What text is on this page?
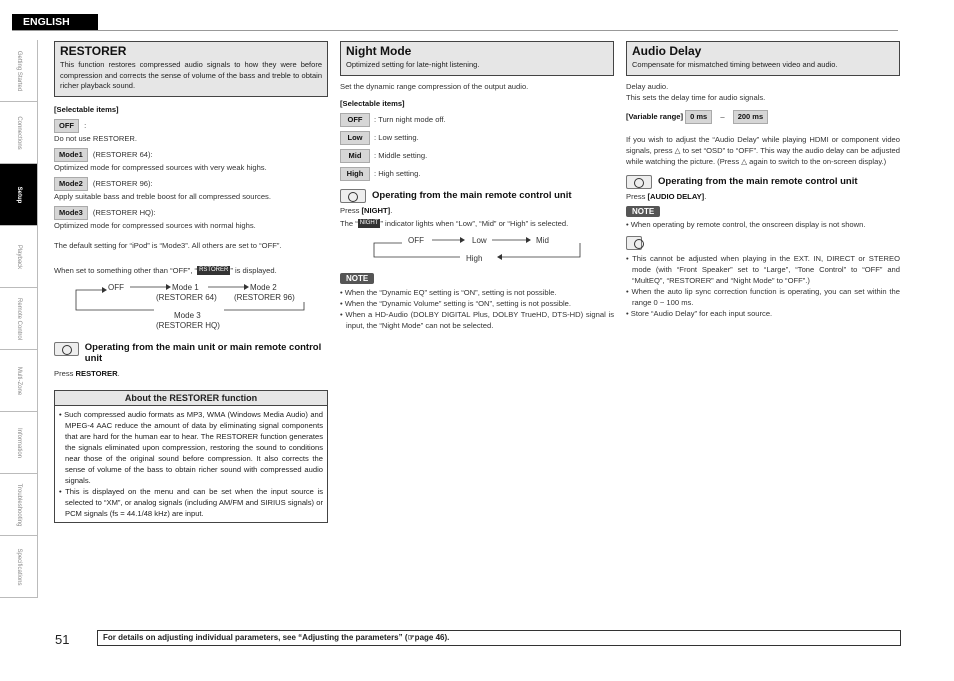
ENGLISH
Getting Started
Connections
Setup
Playback
Remote Control
Multi-Zone
Information
Troubleshooting
Specifications
RESTORER

This function restores compressed audio signals to how they were before compression and corrects the sense of volume of the bass and treble to obtain richer playback sound.

[Selectable items]
OFF :
Do not use RESTORER.
Mode1 (RESTORER 64):
Optimized mode for compressed sources with very weak highs.
Mode2 (RESTORER 96):
Apply suitable bass and treble boost for all compressed sources.
Mode3 (RESTORER HQ):
Optimized mode for compressed sources with normal highs.
The default setting for “iPod” is “Mode3”. All others are set to “OFF”.
When set to something other than “OFF”, “ RSTORER ” is displayed.
OFF	Mode 1
(RESTORER 64)
Mode 2
(RESTORER 96)
Mode 3
(RESTORER HQ)
Operating from the main unit or main remote control unit
Press RESTORER.
About the RESTORER function
• Such compressed audio formats as MP3, WMA (Windows Media Audio) and MPEG-4 AAC reduce the amount of data by eliminating signal components that are hard for the human ear to hear. The RESTORER function generates the signals eliminated upon compression, restoring the sound to conditions near those of the original sound before compression. It also corrects the sense of volume of the bass to obtain richer sound with compressed audio signals.
• This is displayed on the menu and can be set when the input source is selected to “XM”, or analog signals (including AM/FM and SIRIUS signals) or PCM signals (fs = 44.1/48 kHz) are input.
Night Mode

Optimized setting for late-night listening.

Set the dynamic range compression of the output audio.
[Selectable items]
OFF : Turn night mode off.
Low : Low setting.
Mid : Middle setting.
High : High setting.
Operating from the main remote control unit
Press [NIGHT].
The “ NIGHT ” indicator lights when “Low”, “Mid” or “High” is selected.
OFF	Low	Mid
High
NOTE
• When the “Dynamic EQ” setting is “ON”, setting is not possible.
• When the “Dynamic Volume” setting is “ON”, setting is not possible.
• When a HD-Audio (DOLBY DIGITAL Plus, DOLBY TrueHD, DTS-HD) signal is input, the “Night Mode” can not be selected.
Audio Delay

Compensate for mismatched timing between video and audio.

Delay audio.
This sets the delay time for audio signals.
[Variable range] 0 ms – 200 ms
If you wish to adjust the “Audio Delay” while playing HDMI or component video signals, press △ to set “OSD” to “OFF”. This way the audio delay can be adjusted while watching the picture. (Press △ again to switch to the on-screen display.)
Operating from the main remote control unit
Press [AUDIO DELAY].
NOTE
• When operating by remote control, the onscreen display is not shown.
• This cannot be adjusted when playing in the EXT. IN, DIRECT or STEREO mode (with “Front Speaker” set to “Large”, “Tone Control” to “OFF” and “MultEQ”, “RESTORER” and “Night Mode” to “OFF”.)
• When the auto lip sync correction function is operating, you can set within the range 0 ~ 100 ms.
• Store “Audio Delay” for each input source.
51	For details on adjusting individual parameters, see “Adjusting the parameters” (☞page 46).
